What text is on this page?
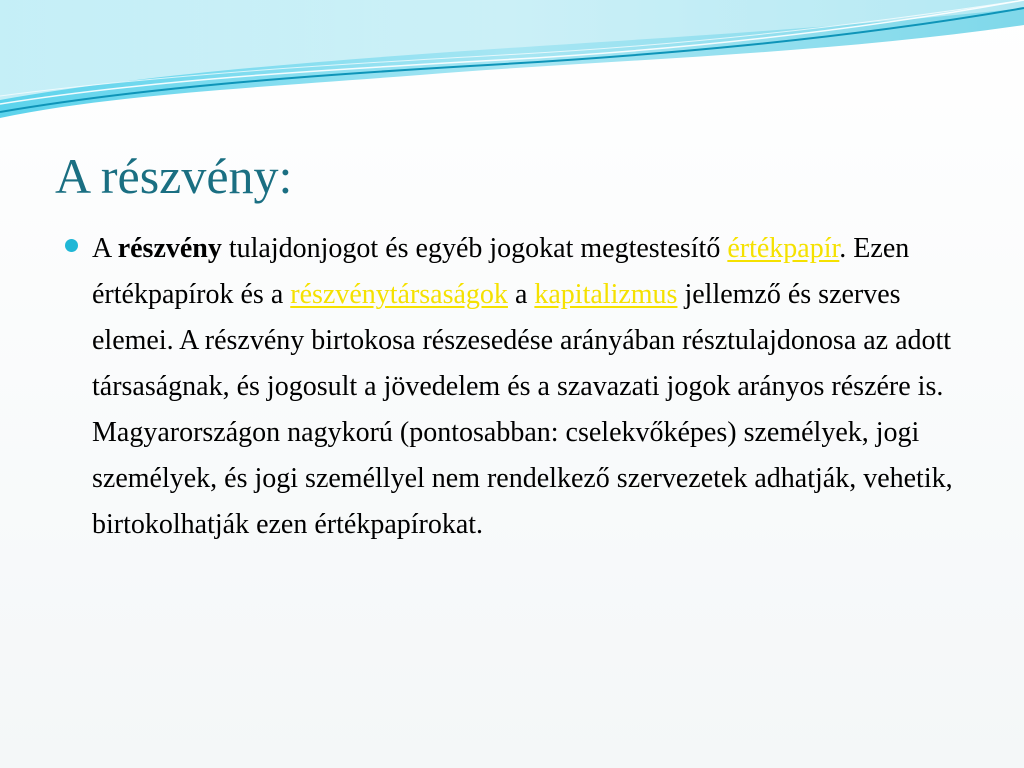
A részvény:

A részvény tulajdonjogot és egyéb jogokat megtestesítő értékpapír. Ezen értékpapírok és a részvénytársaságok a kapitalizmus jellemző és szerves elemei. A részvény birtokosa részesedése arányában résztulajdonosa az adott társaságnak, és jogosult a jövedelem és a szavazati jogok arányos részére is. Magyarországon nagykorú (pontosabban: cselekvőképes) személyek, jogi személyek, és jogi személlyel nem rendelkező szervezetek adhatják, vehetik, birtokolhatják ezen értékpapírokat.
